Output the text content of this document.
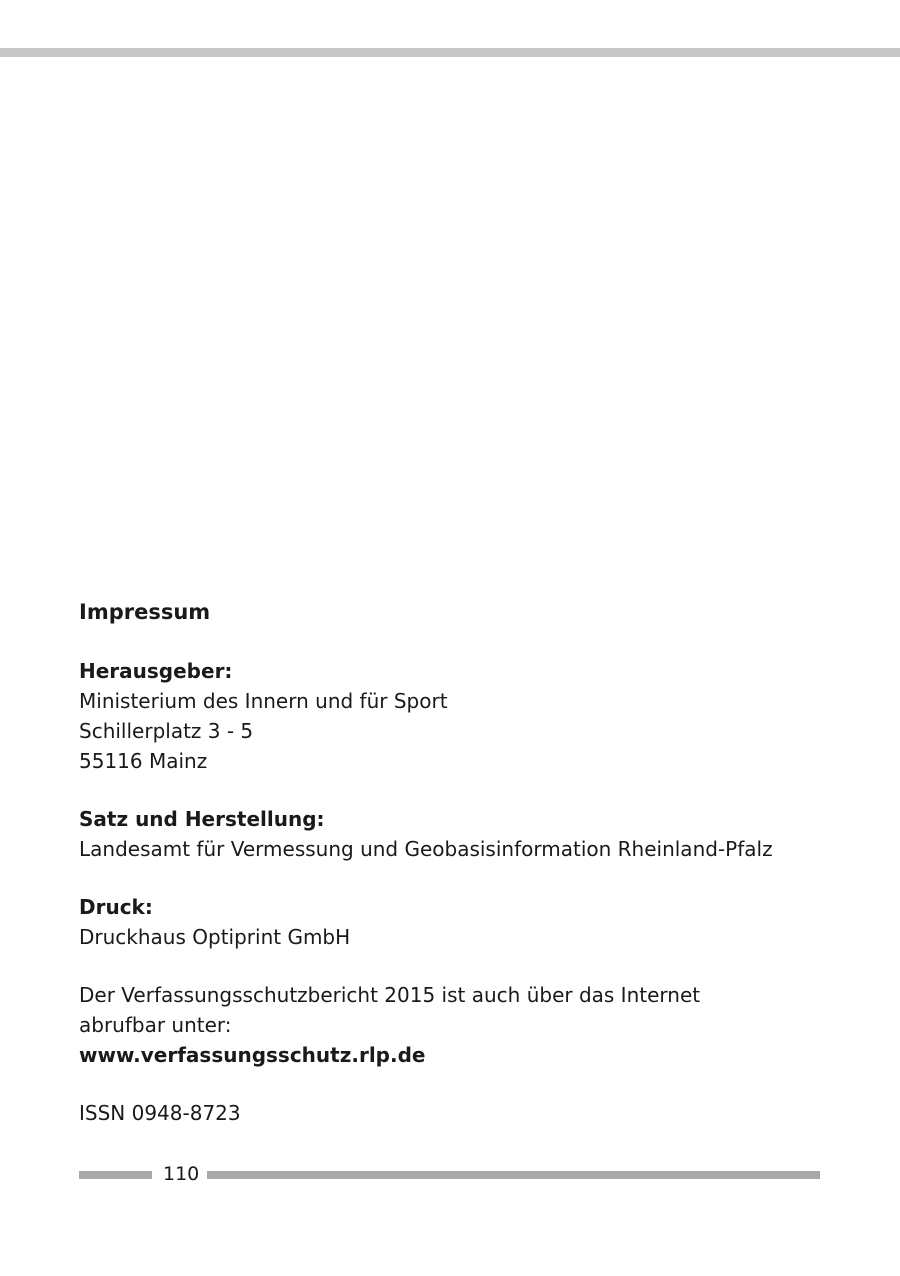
Impressum

Herausgeber:

Ministerium des Innern und für Sport

Schillerplatz 3 - 5

55116 Mainz

Satz und Herstellung:

Landesamt für Vermessung und Geobasisinformation Rheinland-Pfalz

Druck:

Druckhaus Optiprint GmbH

Der Verfassungsschutzbericht 2015 ist auch über das Internet abrufbar unter:

www.verfassungsschutz.rlp.de

ISSN 0948-8723

110
